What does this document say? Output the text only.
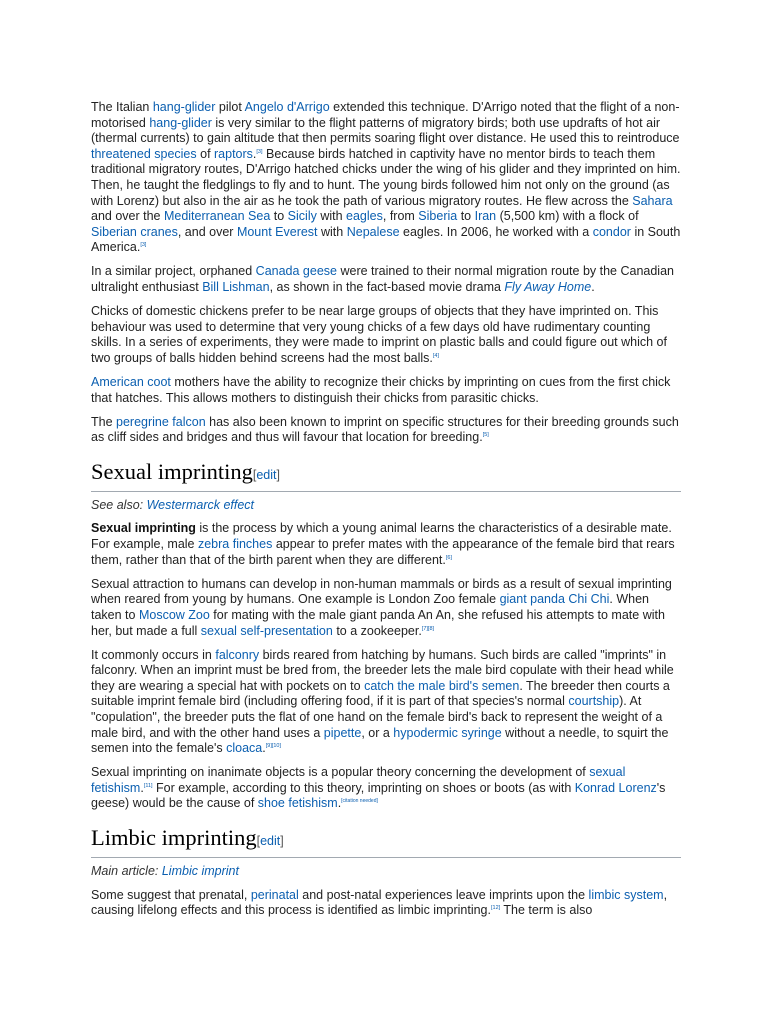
The Italian hang-glider pilot Angelo d'Arrigo extended this technique. D'Arrigo noted that the flight of a non-motorised hang-glider is very similar to the flight patterns of migratory birds; both use updrafts of hot air (thermal currents) to gain altitude that then permits soaring flight over distance. He used this to reintroduce threatened species of raptors.[3] Because birds hatched in captivity have no mentor birds to teach them traditional migratory routes, D'Arrigo hatched chicks under the wing of his glider and they imprinted on him. Then, he taught the fledglings to fly and to hunt. The young birds followed him not only on the ground (as with Lorenz) but also in the air as he took the path of various migratory routes. He flew across the Sahara and over the Mediterranean Sea to Sicily with eagles, from Siberia to Iran (5,500 km) with a flock of Siberian cranes, and over Mount Everest with Nepalese eagles. In 2006, he worked with a condor in South America.[3]

In a similar project, orphaned Canada geese were trained to their normal migration route by the Canadian ultralight enthusiast Bill Lishman, as shown in the fact-based movie drama Fly Away Home.

Chicks of domestic chickens prefer to be near large groups of objects that they have imprinted on. This behaviour was used to determine that very young chicks of a few days old have rudimentary counting skills. In a series of experiments, they were made to imprint on plastic balls and could figure out which of two groups of balls hidden behind screens had the most balls.[4]

American coot mothers have the ability to recognize their chicks by imprinting on cues from the first chick that hatches. This allows mothers to distinguish their chicks from parasitic chicks.

The peregrine falcon has also been known to imprint on specific structures for their breeding grounds such as cliff sides and bridges and thus will favour that location for breeding.[5]

Sexual imprinting[edit]
See also: Westermarck effect

Sexual imprinting is the process by which a young animal learns the characteristics of a desirable mate. For example, male zebra finches appear to prefer mates with the appearance of the female bird that rears them, rather than that of the birth parent when they are different.[6]

Sexual attraction to humans can develop in non-human mammals or birds as a result of sexual imprinting when reared from young by humans. One example is London Zoo female giant panda Chi Chi. When taken to Moscow Zoo for mating with the male giant panda An An, she refused his attempts to mate with her, but made a full sexual self-presentation to a zookeeper.[7][8]

It commonly occurs in falconry birds reared from hatching by humans. Such birds are called "imprints" in falconry. When an imprint must be bred from, the breeder lets the male bird copulate with their head while they are wearing a special hat with pockets on to catch the male bird's semen. The breeder then courts a suitable imprint female bird (including offering food, if it is part of that species's normal courtship). At "copulation", the breeder puts the flat of one hand on the female bird's back to represent the weight of a male bird, and with the other hand uses a pipette, or a hypodermic syringe without a needle, to squirt the semen into the female's cloaca.[9][10]

Sexual imprinting on inanimate objects is a popular theory concerning the development of sexual fetishism.[11] For example, according to this theory, imprinting on shoes or boots (as with Konrad Lorenz's geese) would be the cause of shoe fetishism.[citation needed]

Limbic imprinting[edit]
Main article: Limbic imprint

Some suggest that prenatal, perinatal and post-natal experiences leave imprints upon the limbic system, causing lifelong effects and this process is identified as limbic imprinting.[12] The term is also
